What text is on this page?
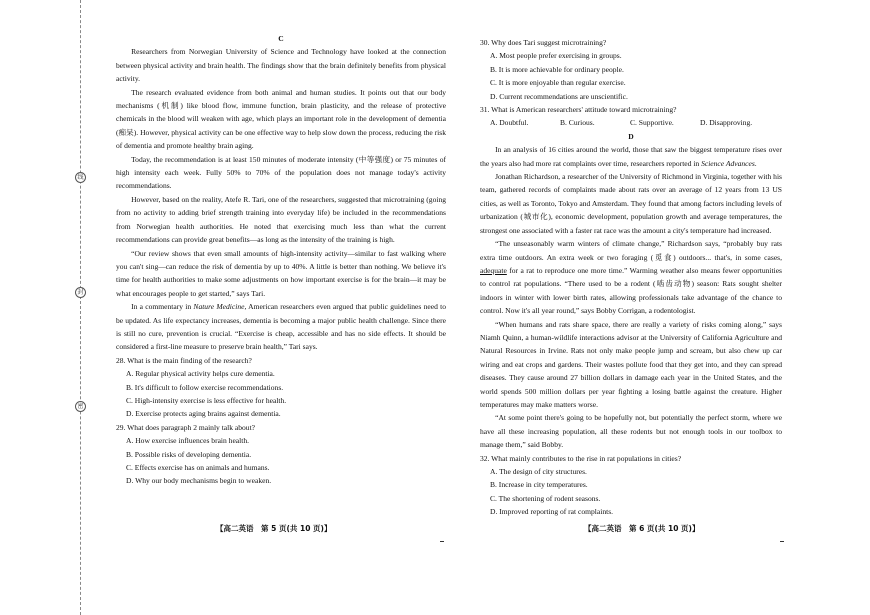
线
封
密

C

Researchers from Norwegian University of Science and Technology have looked at the connection between physical activity and brain health. The findings show that the brain definitely benefits from physical activity.

The research evaluated evidence from both animal and human studies. It points out that our body mechanisms (机制) like blood flow, immune function, brain plasticity, and the release of protective chemicals in the blood will weaken with age, which plays an important role in the development of dementia (痴呆). However, physical activity can be one effective way to help slow down the process, reducing the risk of dementia and promote healthy brain aging.

Today, the recommendation is at least 150 minutes of moderate intensity (中等强度) or 75 minutes of high intensity each week. Fully 50% to 70% of the population does not manage today's activity recommendations.

However, based on the reality, Atefe R. Tari, one of the researchers, suggested that microtraining (going from no activity to adding brief strength training into everyday life) be included in the recommendations from Norwegian health authorities. He noted that exercising much less than what the current recommendations can provide great benefits—as long as the intensity of the training is high.

“Our review shows that even small amounts of high-intensity activity—similar to fast walking where you can't sing—can reduce the risk of dementia by up to 40%. A little is better than nothing. We believe it's time for health authorities to make some adjustments on how important exercise is for the brain—it may be what encourages people to get started,” says Tari.

In a commentary in Nature Medicine, American researchers even argued that public guidelines need to be updated. As life expectancy increases, dementia is becoming a major public health challenge. Since there is still no cure, prevention is crucial. “Exercise is cheap, accessible and has no side effects. It should be considered a first-line measure to preserve brain health,” Tari says.

28. What is the main finding of the research?

A. Regular physical activity helps cure dementia.

B. It's difficult to follow exercise recommendations.

C. High-intensity exercise is less effective for health.

D. Exercise protects aging brains against dementia.

29. What does paragraph 2 mainly talk about?

A. How exercise influences brain health.

B. Possible risks of developing dementia.

C. Effects exercise has on animals and humans.

D. Why our body mechanisms begin to weaken.

【高二英语　第 5 页(共 10 页)】

30. Why does Tari suggest microtraining?

A. Most people prefer exercising in groups.

B. It is more achievable for ordinary people.

C. It is more enjoyable than regular exercise.

D. Current recommendations are unscientific.

31. What is American researchers' attitude toward microtraining?

A. Doubtful.	B. Curious.	C. Supportive.	D. Disapproving.

D

In an analysis of 16 cities around the world, those that saw the biggest temperature rises over the years also had more rat complaints over time, researchers reported in Science Advances.

Jonathan Richardson, a researcher of the University of Richmond in Virginia, together with his team, gathered records of complaints made about rats over an average of 12 years from 13 US cities, as well as Toronto, Tokyo and Amsterdam. They found that among factors including levels of urbanization (城市化), economic development, population growth and average temperatures, the strongest one associated with a faster rat race was the amount a city's temperature had increased.

“The unseasonably warm winters of climate change,” Richardson says, “probably buy rats extra time outdoors. An extra week or two foraging (觅食) outdoors... that's, in some cases, adequate for a rat to reproduce one more time.” Warming weather also means fewer opportunities to control rat populations. “There used to be a rodent (啮齿动物) season: Rats sought shelter indoors in winter with lower birth rates, allowing professionals take advantage of the chance to control. Now it's all year round,” says Bobby Corrigan, a rodentologist.

“When humans and rats share space, there are really a variety of risks coming along,” says Niamh Quinn, a human-wildlife interactions advisor at the University of California Agriculture and Natural Resources in Irvine. Rats not only make people jump and scream, but also chew up car wiring and eat crops and gardens. Their wastes pollute food that they get into, and they can spread diseases. They cause around 27 billion dollars in damage each year in the United States, and the world spends 500 million dollars per year fighting a losing battle against the creature. Higher temperatures may make matters worse.

“At some point there's going to be hopefully not, but potentially the perfect storm, where we have all these increasing population, all these rodents but not enough tools in our toolbox to manage them,” said Bobby.

32. What mainly contributes to the rise in rat populations in cities?

A. The design of city structures.

B. Increase in city temperatures.

C. The shortening of rodent seasons.

D. Improved reporting of rat complaints.

【高二英语　第 6 页(共 10 页)】
